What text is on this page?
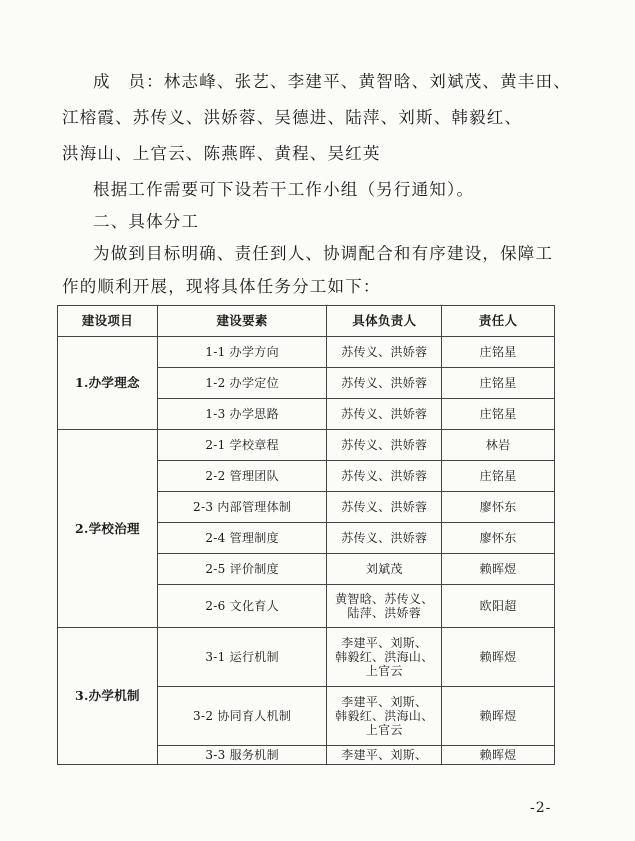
成　员：林志峰、张艺、李建平、黄智晗、刘斌茂、黄丰田、
江榕霞、苏传义、洪娇蓉、吴德进、陆萍、刘斯、韩毅红、
洪海山、上官云、陈燕晖、黄程、吴红英
根据工作需要可下设若干工作小组（另行通知）。
二、具体分工
为做到目标明确、责任到人、协调配合和有序建设，保障工
作的顺利开展，现将具体任务分工如下：
建设项目	建设要素	具体负责人	责任人
1.办学理念	1-1 办学方向	苏传义、洪娇蓉	庄铭星
	1-2 办学定位	苏传义、洪娇蓉	庄铭星
	1-3 办学思路	苏传义、洪娇蓉	庄铭星
2.学校治理	2-1 学校章程	苏传义、洪娇蓉	林岩
	2-2 管理团队	苏传义、洪娇蓉	庄铭星
	2-3 内部管理体制	苏传义、洪娇蓉	廖怀东
	2-4 管理制度	苏传义、洪娇蓉	廖怀东
	2-5 评价制度	刘斌茂	赖晖煜
	2-6 文化育人	黄智晗、苏传义、
陆萍、洪娇蓉	欧阳超
3.办学机制	3-1 运行机制	李建平、刘斯、
韩毅红、洪海山、
上官云	赖晖煜
	3-2 协同育人机制	李建平、刘斯、
韩毅红、洪海山、
上官云	赖晖煜
	3-3 服务机制	李建平、刘斯、	赖晖煜
-2-
